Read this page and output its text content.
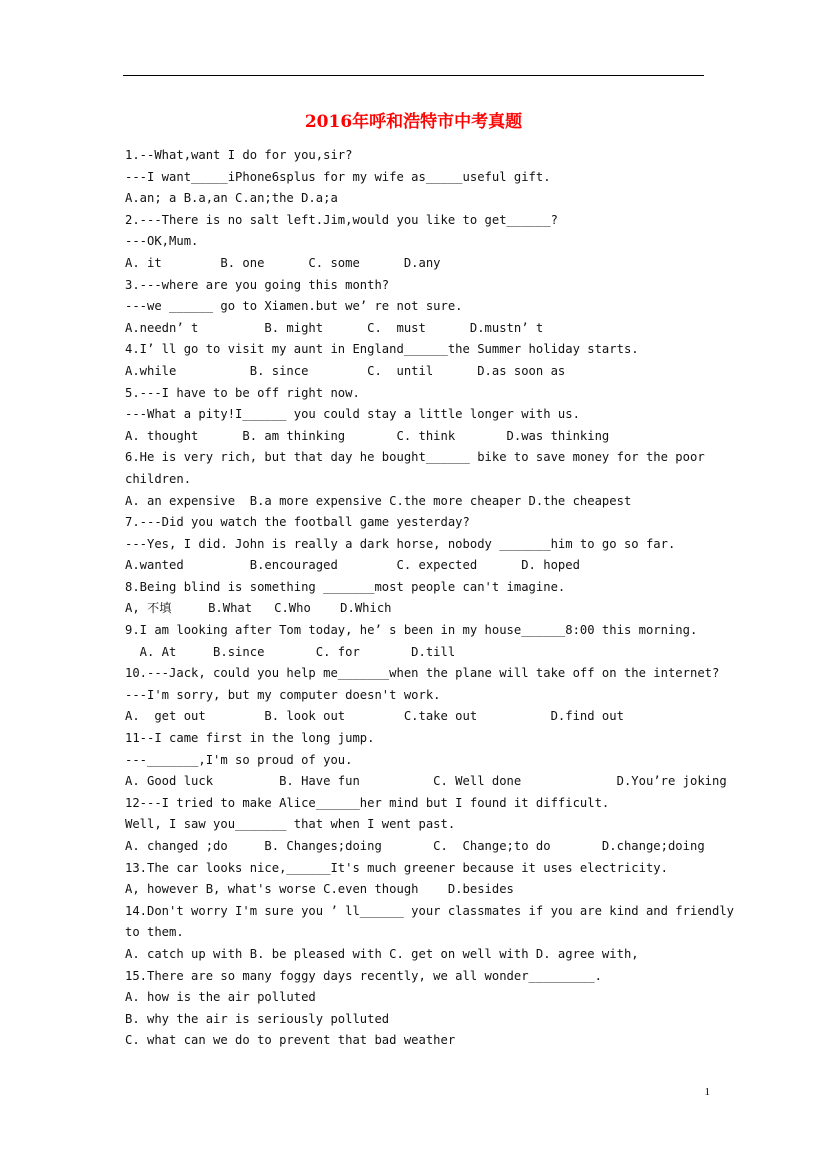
2016年呼和浩特市中考真题
1.--What,want I do for you,sir?
---I want_____iPhone6splus for my wife as_____useful gift.
A.an; a B.a,an C.an;the D.a;a
2.---There is no salt left.Jim,would you like to get______?
---OK,Mum.
A. it        B. one      C. some      D.any
3.---where are you going this month?
---we ______ go to Xiamen.but we’ re not sure.
A.needn’ t         B. might      C.  must      D.mustn’ t
4.I’ ll go to visit my aunt in England______the Summer holiday starts.
A.while          B. since        C.  until      D.as soon as
5.---I have to be off right now.
---What a pity!I______ you could stay a little longer with us.
A. thought      B. am thinking       C. think       D.was thinking
6.He is very rich, but that day he bought______ bike to save money for the poor
children.
A. an expensive  B.a more expensive C.the more cheaper D.the cheapest
7.---Did you watch the football game yesterday?
---Yes, I did. John is really a dark horse, nobody _______him to go so far.
A.wanted         B.encouraged        C. expected      D. hoped
8.Being blind is something _______most people can't imagine.
A, 不填     B.What   C.Who    D.Which
9.I am looking after Tom today, he’ s been in my house______8:00 this morning.
A. At     B.since       C. for       D.till
10.---Jack, could you help me_______when the plane will take off on the internet?
---I'm sorry, but my computer doesn't work.
A.  get out        B. look out        C.take out          D.find out
11--I came first in the long jump.
---_______,I'm so proud of you.
A. Good luck         B. Have fun          C. Well done             D.You’re joking
12---I tried to make Alice______her mind but I found it difficult.
Well, I saw you_______ that when I went past.
A. changed ;do     B. Changes;doing       C.  Change;to do       D.change;doing
13.The car looks nice,______It's much greener because it uses electricity.
A, however B, what's worse C.even though    D.besides
14.Don't worry I'm sure you ’ ll______ your classmates if you are kind and friendly
to them.
A. catch up with B. be pleased with C. get on well with D. agree with,
15.There are so many foggy days recently, we all wonder_________.
A. how is the air polluted
B. why the air is seriously polluted
C. what can we do to prevent that bad weather
1
